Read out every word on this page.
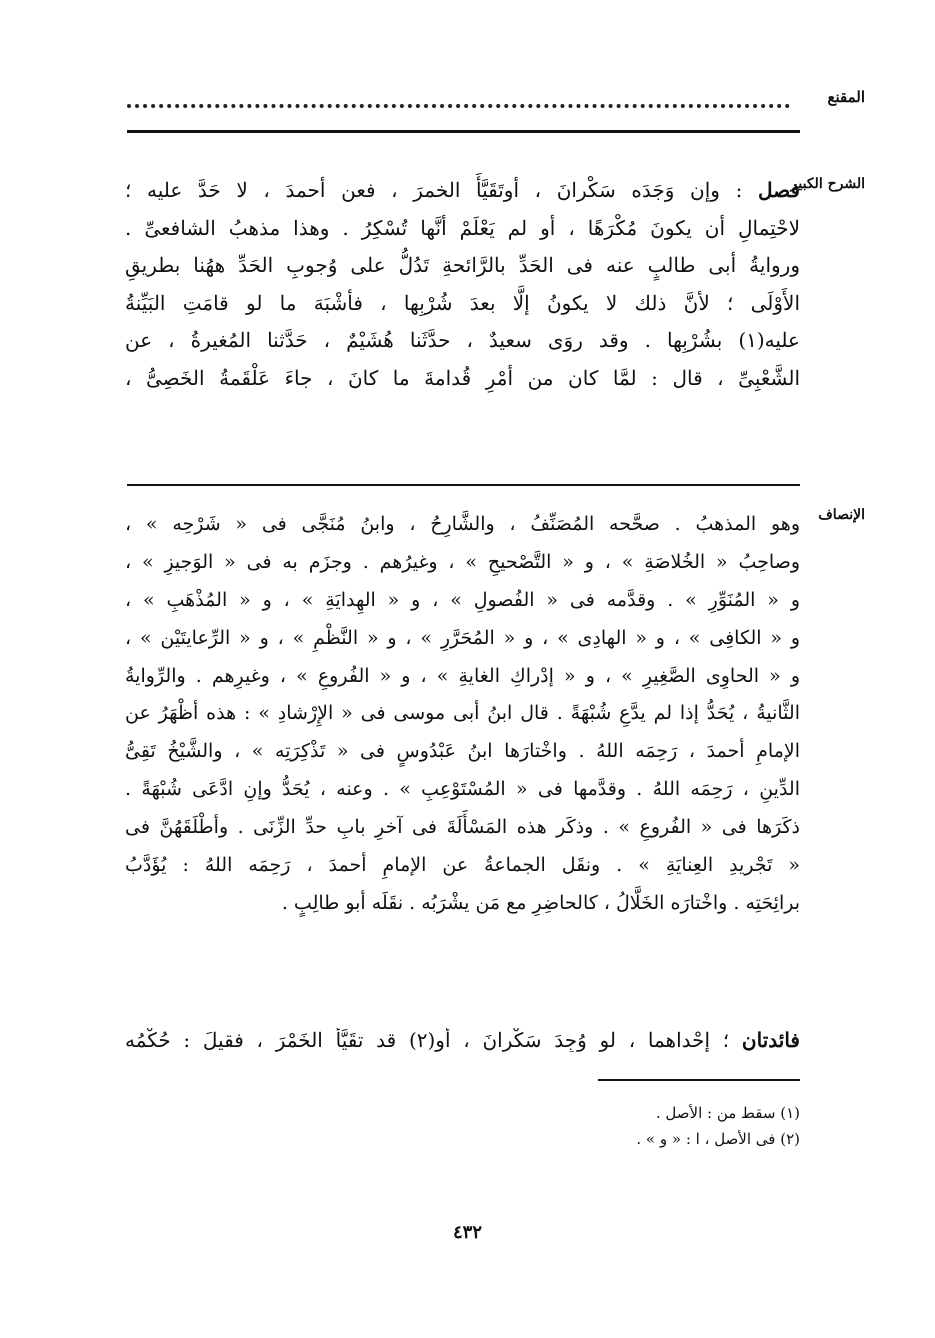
المقنع
الشرح الكبير
فصل : وإن وَجَدَه سَكْرانَ ، أوتَقَيَّأَ الخمرَ ، فعن أحمدَ ، لا حَدَّ عليه ؛
لاحْتِمالِ أن يكونَ مُكْرَهًا ، أو لم يَعْلَمْ أنَّها تُسْكِرُ . وهذا مذهبُ الشافعىِّ .
وروايةُ أبى طالبٍ عنه فى الحَدِّ بالرَّائحةِ تَدُلُّ على وُجوبِ الحَدِّ ههُنا بطريقِ
الأَوْلَى ؛ لأنَّ ذلك لا يكونُ إلَّا بعدَ شُرْبِها ، فأشْبَهَ ما لو قامَتِ البَيِّنةُ
عليه(١) بشُرْبِها . وقد روَى سعيدٌ ، حدَّثَنا هُشَيْمٌ ، حَدَّثنا المُغيرةُ ، عن
الشَّعْبِىِّ ، قال : لمَّا كان من أمْرِ قُدامةَ ما كانَ ، جاءَ عَلْقَمةُ الخَصِىُّ ،
الإنصاف
وهو المذهبُ . صحَّحه المُصَنِّفُ ، والشَّارِحُ ، وابنُ مُنَجَّى فى « شَرْحِه » ،
وصاحِبُ « الخُلاصَةِ » ، و « التَّصْحيحِ » ، وغيرُهم . وجزَم به فى « الوَجيزِ » ،
و « المُنَوِّرِ » . وقدَّمه فى « الفُصولِ » ، و « الهِدايَةِ » ، و « المُذْهَبِ » ،
و « الكافِى » ، و « الهادِى » ، و « المُحَرَّرِ » ، و « النَّظْمِ » ، و « الرِّعايتَيْن » ،
و « الحاوِى الصَّغِيرِ » ، و « إدْراكِ الغايةِ » ، و « الفُروعِ » ، وغيرِهم . والرِّوايةُ
الثَّانيةُ ، يُحَدُّ إذا لم يدَّعِ شُبْهَةً . قال ابنُ أبى موسى فى « الإِرْشادِ » : هذه أظْهَرُ عن
الإمامِ أحمدَ ، رَحِمَه اللهُ . واخْتارَها ابنُ عَبْدُوسٍ فى « تَذْكِرَتِه » ، والشَّيْخُ تَقِىُّ
الدِّينِ ، رَحِمَه اللهُ . وقدَّمها فى « المُسْتَوْعِبِ » . وعنه ، يُحَدُّ وإنِ ادَّعَى شُبْهَةً .
ذكَرَها فى « الفُروعِ » . وذكَر هذه المَسْأَلَةَ فى آخرِ بابِ حدِّ الزِّنَى . وأطْلَقَهُنَّ فى
« تَجْريدِ العِنايَةِ » . ونقَل الجماعةُ عن الإمامِ أحمدَ ، رَحِمَه اللهُ : يُؤَدَّبُ
برائِحَتِه . واخْتارَه الخَلَّالُ ، كالحاضِرِ مع مَن يشْرَبُه . نقَلَه أبو طالِبٍ .
فائدتان ؛ إحْداهما ، لو وُجِدَ سَكْرانَ ، أو(٢) قد تقَيَّأَ الخَمْرَ ، فقيلَ : حُكْمُه
(١) سقط من : الأصل .
(٢) فى الأصل ، ا : « و » .
٤٣٢
